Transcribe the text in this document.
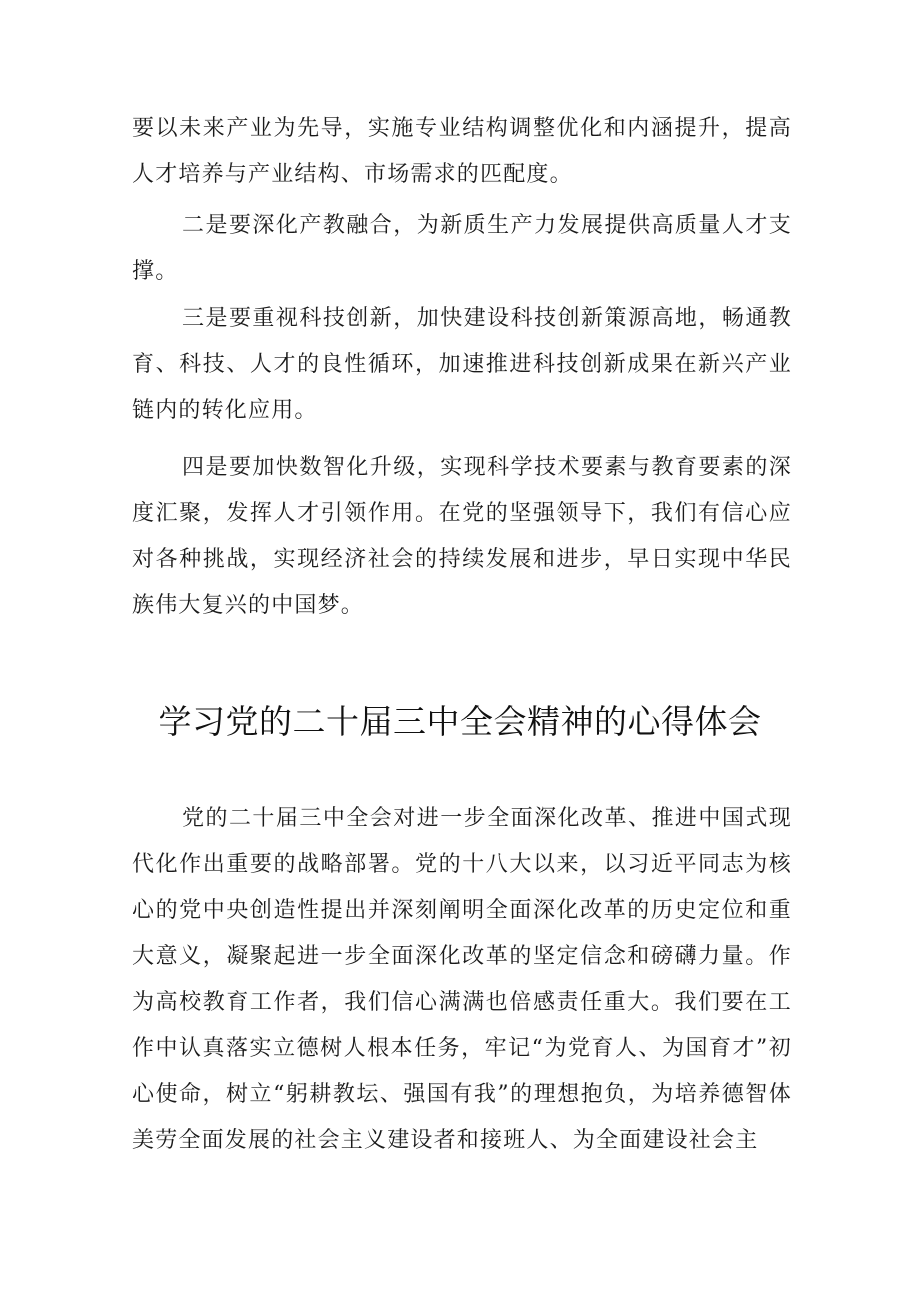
要以未来产业为先导，实施专业结构调整优化和内涵提升，提高人才培养与产业结构、市场需求的匹配度。

二是要深化产教融合，为新质生产力发展提供高质量人才支撑。

三是要重视科技创新，加快建设科技创新策源高地，畅通教育、科技、人才的良性循环，加速推进科技创新成果在新兴产业链内的转化应用。

四是要加快数智化升级，实现科学技术要素与教育要素的深度汇聚，发挥人才引领作用。在党的坚强领导下，我们有信心应对各种挑战，实现经济社会的持续发展和进步，早日实现中华民族伟大复兴的中国梦。

学习党的二十届三中全会精神的心得体会

党的二十届三中全会对进一步全面深化改革、推进中国式现代化作出重要的战略部署。党的十八大以来，以习近平同志为核心的党中央创造性提出并深刻阐明全面深化改革的历史定位和重大意义，凝聚起进一步全面深化改革的坚定信念和磅礴力量。作为高校教育工作者，我们信心满满也倍感责任重大。我们要在工作中认真落实立德树人根本任务，牢记“为党育人、为国育才”初心使命，树立“躬耕教坛、强国有我”的理想抱负，为培养德智体美劳全面发展的社会主义建设者和接班人、为全面建设社会主
